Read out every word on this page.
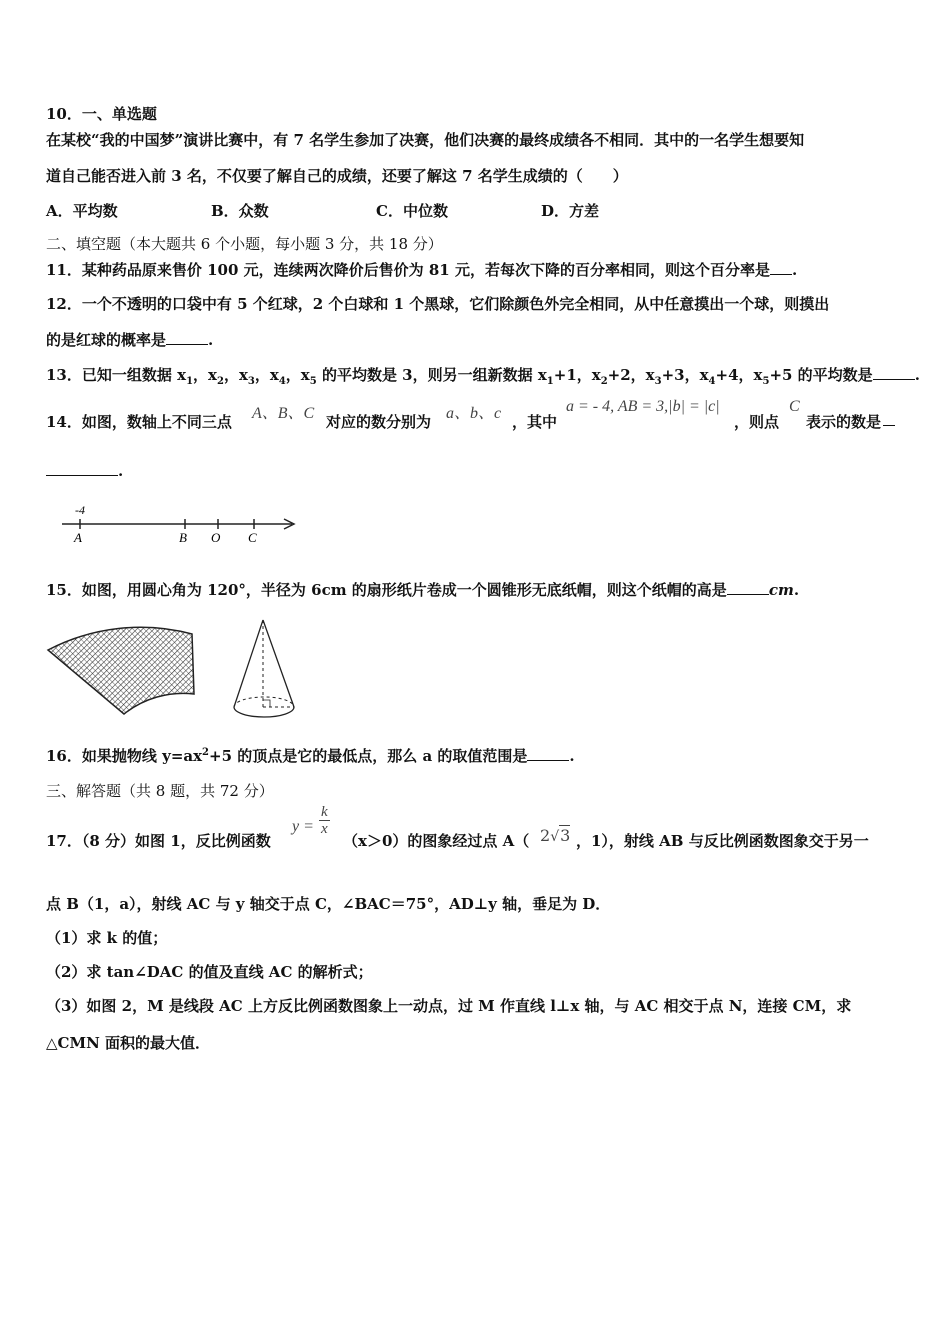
10．一、单选题
在某校“我的中国梦”演讲比赛中，有 7 名学生参加了决赛，他们决赛的最终成绩各不相同．其中的一名学生想要知
道自己能否进入前 3 名，不仅要了解自己的成绩，还要了解这 7 名学生成绩的（　　）
A．平均数	B．众数	C．中位数	D．方差
二、填空题（本大题共 6 个小题，每小题 3 分，共 18 分）
11．某种药品原来售价 100 元，连续两次降价后售价为 81 元，若每次下降的百分率相同，则这个百分率是 .
12．一个不透明的口袋中有 5 个红球，2 个白球和 1 个黑球，它们除颜色外完全相同，从中任意摸出一个球，则摸出
的是红球的概率是	.
13．已知一组数据 $x_1$，$x_2$，$x_3$，$x_4$，$x_5$ 的平均数是 3，则另一组新数据 $x_1+1$，$x_2+2$，$x_3+3$，$x_4+4$，$x_5+5$ 的平均数是	.
14．如图，数轴上不同三点 A、B、C 对应的数分别为 a、b、c ，其中
a = - 4, AB = 3,|b| = |c|
，则点
C
表示的数是
.
-4
A	B O C
15．如图，用圆心角为 120°，半径为 6cm 的扇形纸片卷成一个圆锥形无底纸帽，则这个纸帽的高是	cm.
16．如果抛物线 $y=ax^2+5$ 的顶点是它的最低点，那么 a 的取值范围是	.
三、解答题（共 8 题，共 72 分）
17．（8 分）如图 1，反比例函数
$y = \frac{k}{x}$
（x＞0）的图象经过点 A（ 2√3 ，1），射线 AB 与反比例函数图象交于另一
点 B（1，a），射线 AC 与 y 轴交于点 C，∠BAC＝75°，AD⊥y 轴，垂足为 D．
（1）求 k 的值；
（2）求 tan∠DAC 的值及直线 AC 的解析式；
（3）如图 2，M 是线段 AC 上方反比例函数图象上一动点，过 M 作直线 l⊥x 轴，与 AC 相交于点 N，连接 CM，求
△CMN 面积的最大值．
